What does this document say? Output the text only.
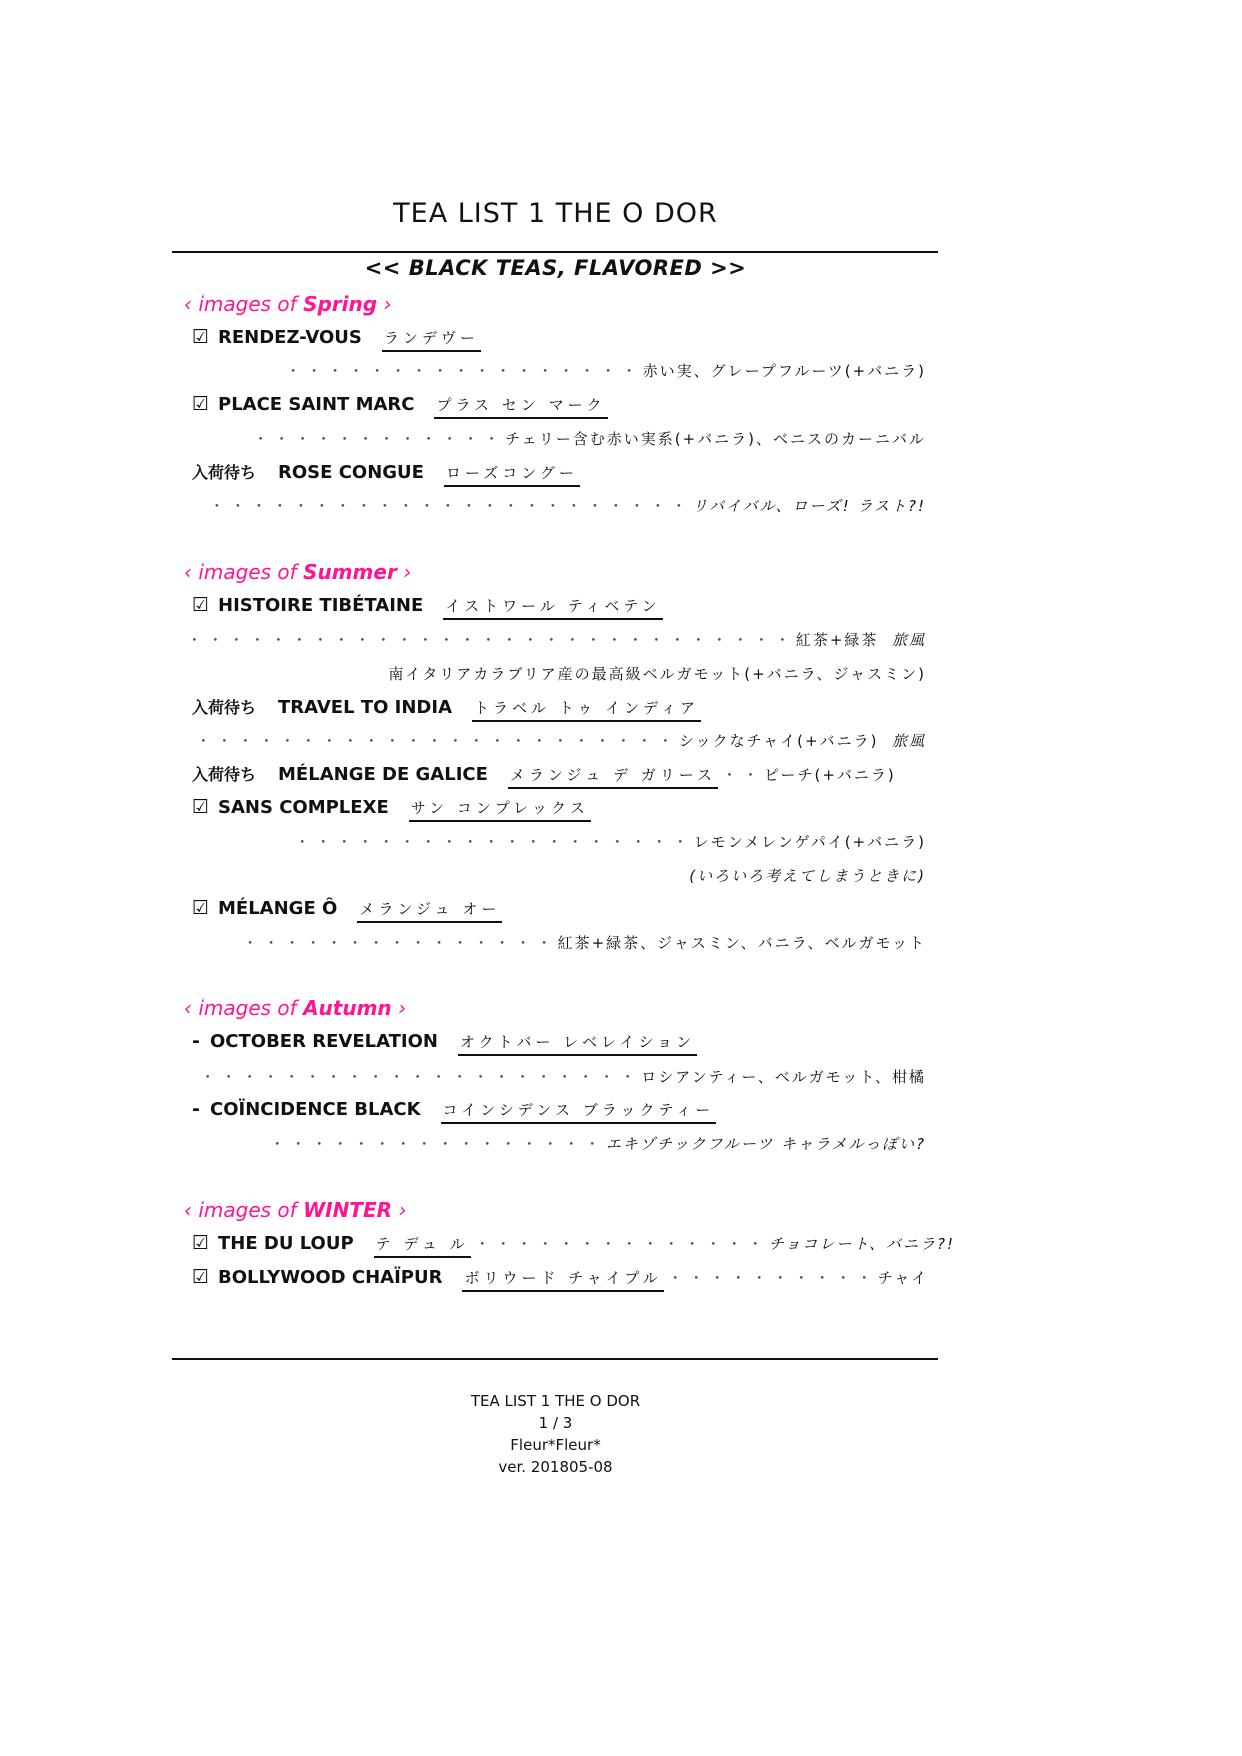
TEA LIST 1 THE O DOR
<< BLACK TEAS, FLAVORED >>
‹ images of Spring ›
☑ RENDEZ-VOUS ランデヴー
・・・・・・・・・・・・・・・・・赤い実、グレープフルーツ(+バニラ)
☑ PLACE SAINT MARC プラス セン マーク
・・・・・・・・・・・・チェリー含む赤い実系(+バニラ)、ベニスのカーニバル
入荷待ち ROSE CONGUE ローズコングー
・・・・・・・・・・・・・・・・・・・・・・・リバイバル、ローズ! ラスト?!
‹ images of Summer ›
☑ HISTOIRE TIBÉTAINE イストワール ティベテン
・・・・・・・・・・・・・・・・・・・・・・・・・・・・・紅茶+緑茶 旅風
南イタリアカラブリア産の最高級ベルガモット(+バニラ、ジャスミン)
入荷待ち TRAVEL TO INDIA トラベル トゥ インディア
・・・・・・・・・・・・・・・・・・・・・・・シックなチャイ(+バニラ) 旅風
入荷待ち MÉLANGE DE GALICE メランジュ デ ガリース ・・ ピーチ(+バニラ)
☑ SANS COMPLEXE サン コンプレックス
・・・・・・・・・・・・・・・・・・・レモンメレンゲパイ(+バニラ)
(いろいろ考えてしまうときに)
☑ MÉLANGE Ô メランジュ オー
・・・・・・・・・・・・・・・紅茶+緑茶、ジャスミン、バニラ、ベルガモット
‹ images of Autumn ›
- OCTOBER REVELATION オクトバー レベレイション
・・・・・・・・・・・・・・・・・・・・・ロシアンティー、ベルガモット、柑橘
- COÏNCIDENCE BLACK コインシデンス ブラックティー
・・・・・・・・・・・・・・・・エキゾチックフルーツ キャラメルっぽい?
‹ images of WINTER ›
☑ THE DU LOUP テ デュ ル ・・・・・・・・・・・・・・ チョコレート、バニラ?!
☑ BOLLYWOOD CHAÏPUR ボリウード チャイプル ・・・・・・・・・・ チャイ
TEA LIST 1 THE O DOR
1 / 3
Fleur*Fleur*
ver. 201805-08
